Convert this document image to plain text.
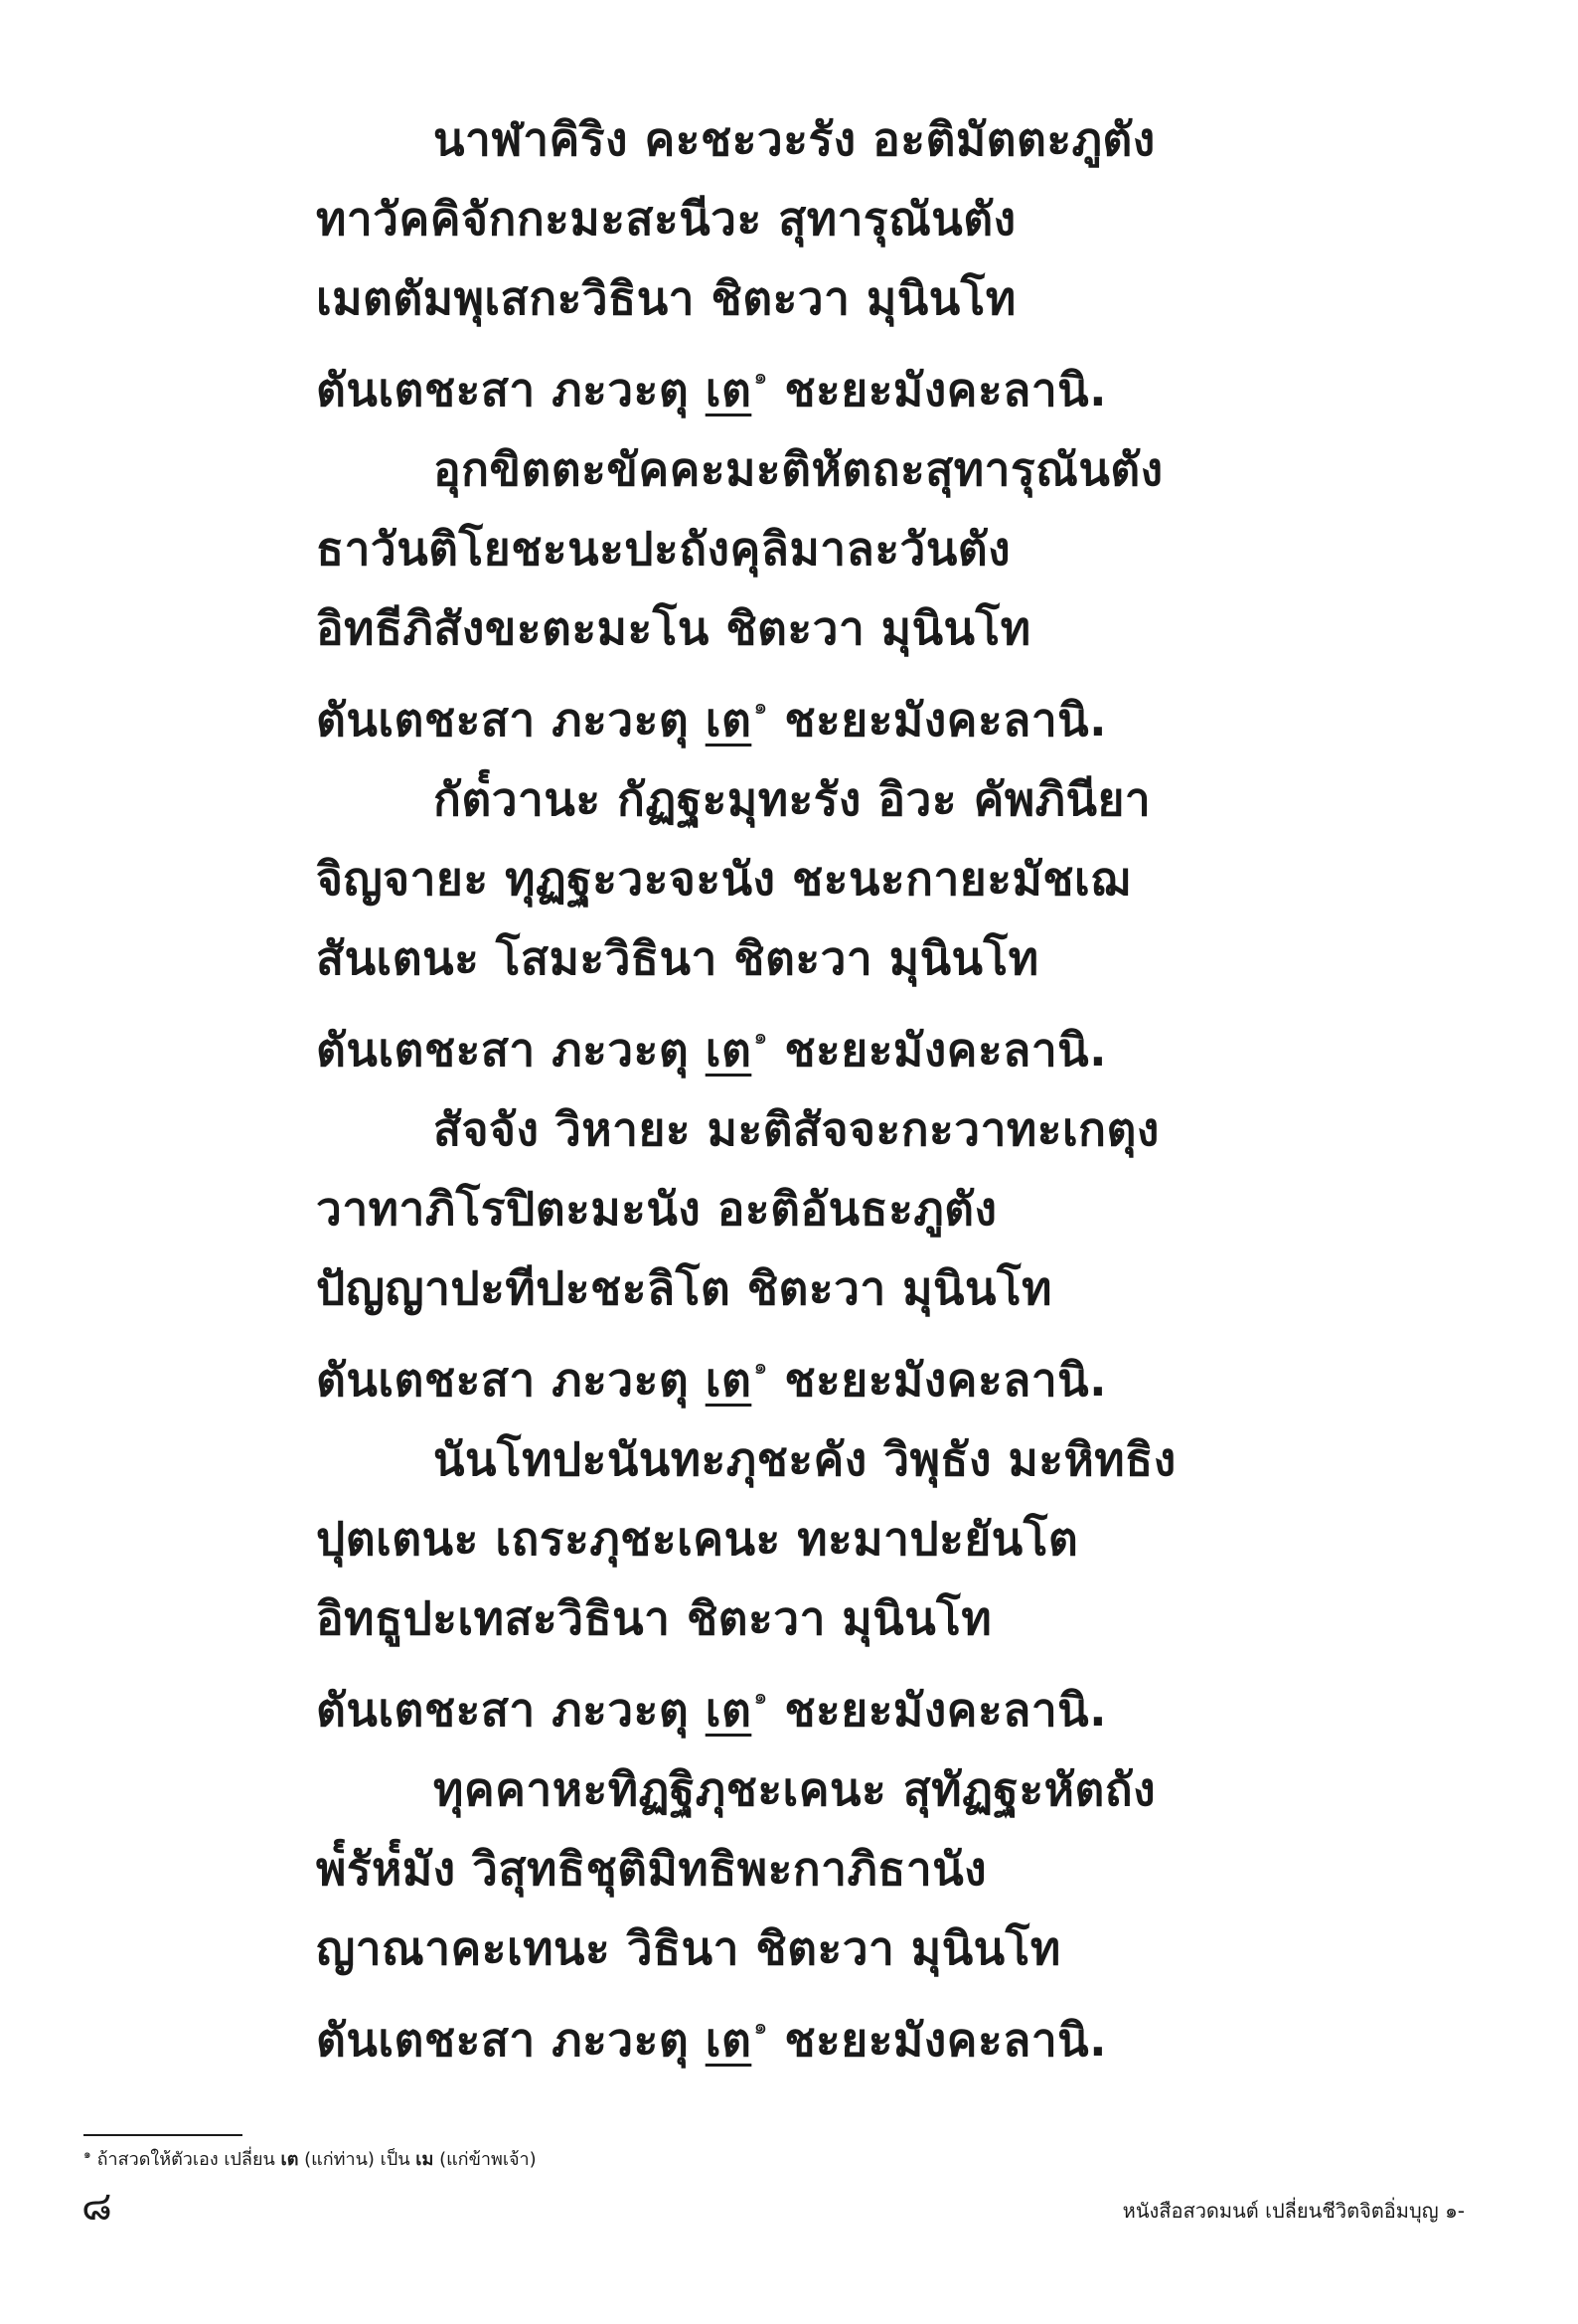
นาฬาคิริง คะชะวะรัง อะติมัตตะภูตัง
ทาวัคคิจักกะมะสะนีวะ สุทารุณันตัง
เมตตัมพุเสกะวิธินา ชิตะวา มุนินโท
ตันเตชะสา ภะวะตุ เต$^๑$ ชะยะมังคะลานิ.
อุกขิตตะขัคคะมะติหัตถะสุทารุณันตัง
ธาวันติโยชะนะปะถังคุลิมาละวันตัง
อิทธีภิสังขะตะมะโน ชิตะวา มุนินโท
ตันเตชะสา ภะวะตุ เต$^๑$ ชะยะมังคะลานิ.
กัต๎วานะ กัฏฐะมุทะรัง อิวะ คัพภินียา
จิญจายะ ทุฏฐะวะจะนัง ชะนะกายะมัชเฌ
สันเตนะ โสมะวิธินา ชิตะวา มุนินโท
ตันเตชะสา ภะวะตุ เต$^๑$ ชะยะมังคะลานิ.
สัจจัง วิหายะ มะติสัจจะกะวาทะเกตุง
วาทาภิโรปิตะมะนัง อะติอันธะภูตัง
ปัญญาปะทีปะชะลิโต ชิตะวา มุนินโท
ตันเตชะสา ภะวะตุ เต$^๑$ ชะยะมังคะลานิ.
นันโทปะนันทะภุชะคัง วิพุธัง มะหิทธิง
ปุตเตนะ เถระภุชะเคนะ ทะมาปะยันโต
อิทธูปะเทสะวิธินา ชิตะวา มุนินโท
ตันเตชะสา ภะวะตุ เต$^๑$ ชะยะมังคะลานิ.
ทุคคาหะทิฏฐิภุชะเคนะ สุทัฏฐะหัตถัง
พ๎รัห๎มัง วิสุทธิชุติมิทธิพะกาภิธานัง
ญาณาคะเทนะ วิธินา ชิตะวา มุนินโท
ตันเตชะสา ภะวะตุ เต$^๑$ ชะยะมังคะลานิ.
$^๑$ ถ้าสวดให้ตัวเอง เปลี่ยน เต (แก่ท่าน) เป็น เม (แก่ข้าพเจ้า)
๘	หนังสือสวดมนต์ เปลี่ยนชีวิตจิตอิ่มบุญ ๑-
